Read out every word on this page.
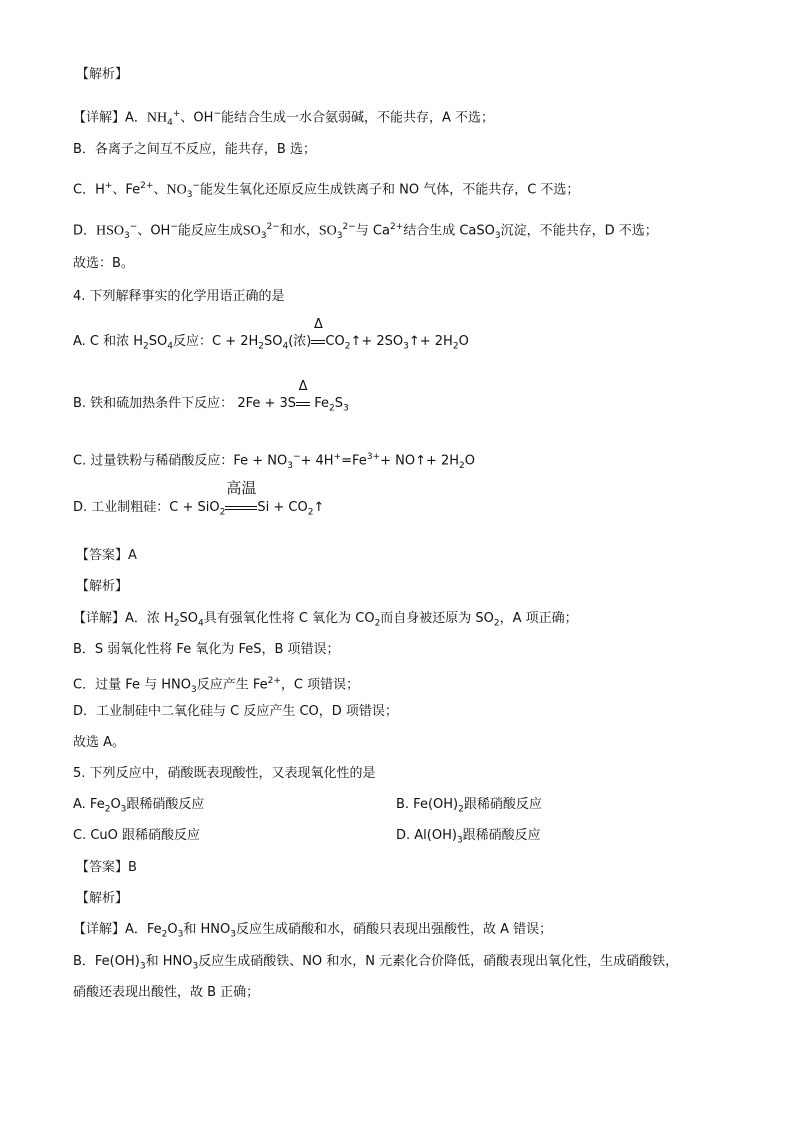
【解析】
【详解】A．$NH_4^+$、OH−能结合生成一水合氨弱碱，不能共存，A 不选；
B．各离子之间互不反应，能共存，B 选；
C．H+、$Fe^{2+}$、$NO_3^-$能发生氧化还原反应生成铁离子和 NO 气体，不能共存，C 不选；
D．$HSO_3^-$、OH−能反应生成$SO_3^{2-}$和水，$SO_3^{2-}$与 $Ca^{2+}$结合生成 CaSO$_3$沉淀，不能共存，D 不选；
故选：B。
4. 下列解释事实的化学用语正确的是
A. C 和浓 $H_2SO_4$反应：$C + 2H_2SO_4$(浓)
Δ
$CO_2↑+$ $2SO_3↑+ 2H_2O$
B. 铁和硫加热条件下反应： 2Fe + 3S
Δ
$Fe_2S_3$
C. 过量铁粉与稀硝酸反应：$Fe + NO_3^-+ 4H^+=Fe^{3+}+$ NO↑+ $2H_2O$
D. 工业制粗硅：C + SiO$_2$
高温
$Si + CO_2↑$
【答案】A
【解析】
【详解】A．浓 $H_2SO_4$具有强氧化性将 C 氧化为 $CO_2$而自身被还原为 $SO_2$，A 项正确；
B．S 弱氧化性将 Fe 氧化为 FeS，B 项错误；
C．过量 Fe 与 $HNO_3$反应产生 $Fe^{2+}$，C 项错误；
D．工业制硅中二氧化硅与 C 反应产生 CO，D 项错误；
故选 A。
5. 下列反应中，硝酸既表现酸性，又表现氧化性的是
A. $Fe_2O_3$跟稀硝酸反应	B. $Fe(OH)_2$跟稀硝酸反应
C. CuO 跟稀硝酸反应	D. $Al(OH)_3$跟稀硝酸反应
【答案】B
【解析】
【详解】A．$Fe_2O_3$和 $HNO_3$反应生成硝酸和水，硝酸只表现出强酸性，故 A 错误；
B．$Fe(OH)_3$和 $HNO_3$反应生成硝酸铁、NO 和水，N 元素化合价降低，硝酸表现出氧化性，生成硝酸铁，
硝酸还表现出酸性，故 B 正确；
